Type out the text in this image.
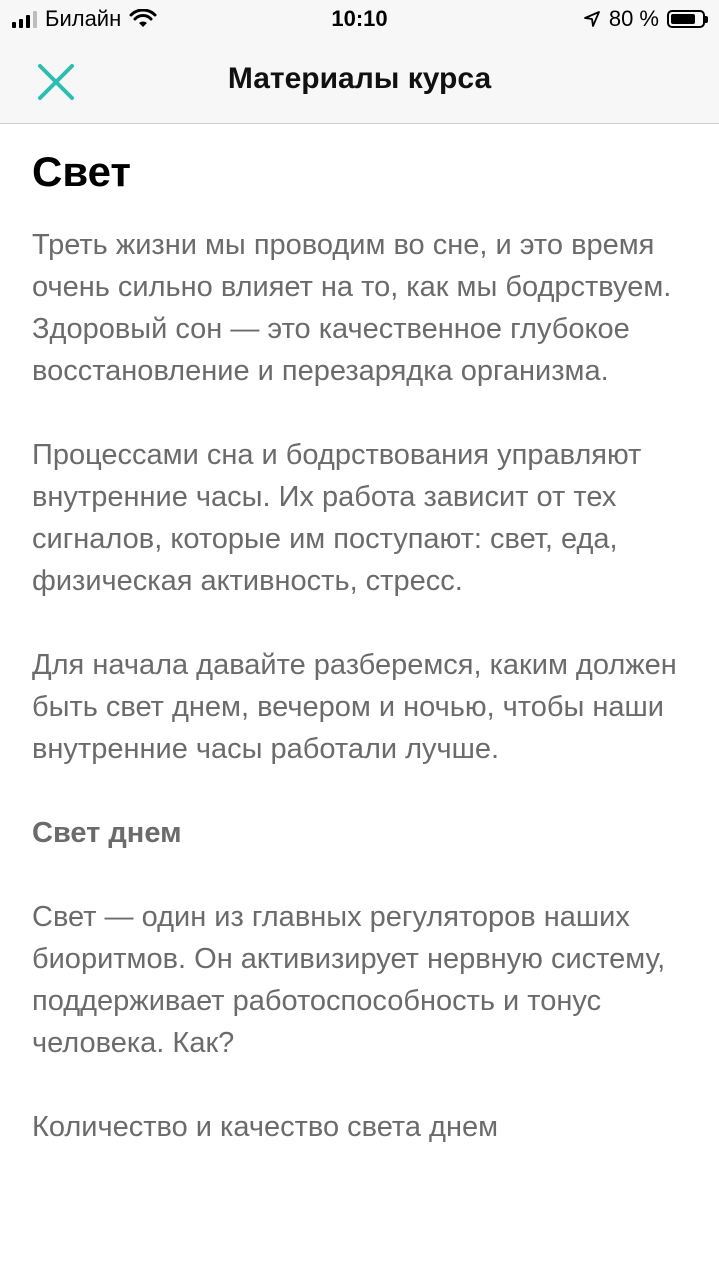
Билайн	10:10	80 %
Материалы курса
Свет

Треть жизни мы проводим во сне, и это время очень сильно влияет на то, как мы бодрствуем. Здоровый сон — это качественное глубокое восстановление и перезарядка организма.

Процессами сна и бодрствования управляют внутренние часы. Их работа зависит от тех сигналов, которые им поступают: свет, еда, физическая активность, стресс.

Для начала давайте разберемся, каким должен быть свет днем, вечером и ночью, чтобы наши внутренние часы работали лучше.

Свет днем

Свет — один из главных регуляторов наших биоритмов. Он активизирует нервную систему, поддерживает работоспособность и тонус человека. Как?

Количество и качество света днем
